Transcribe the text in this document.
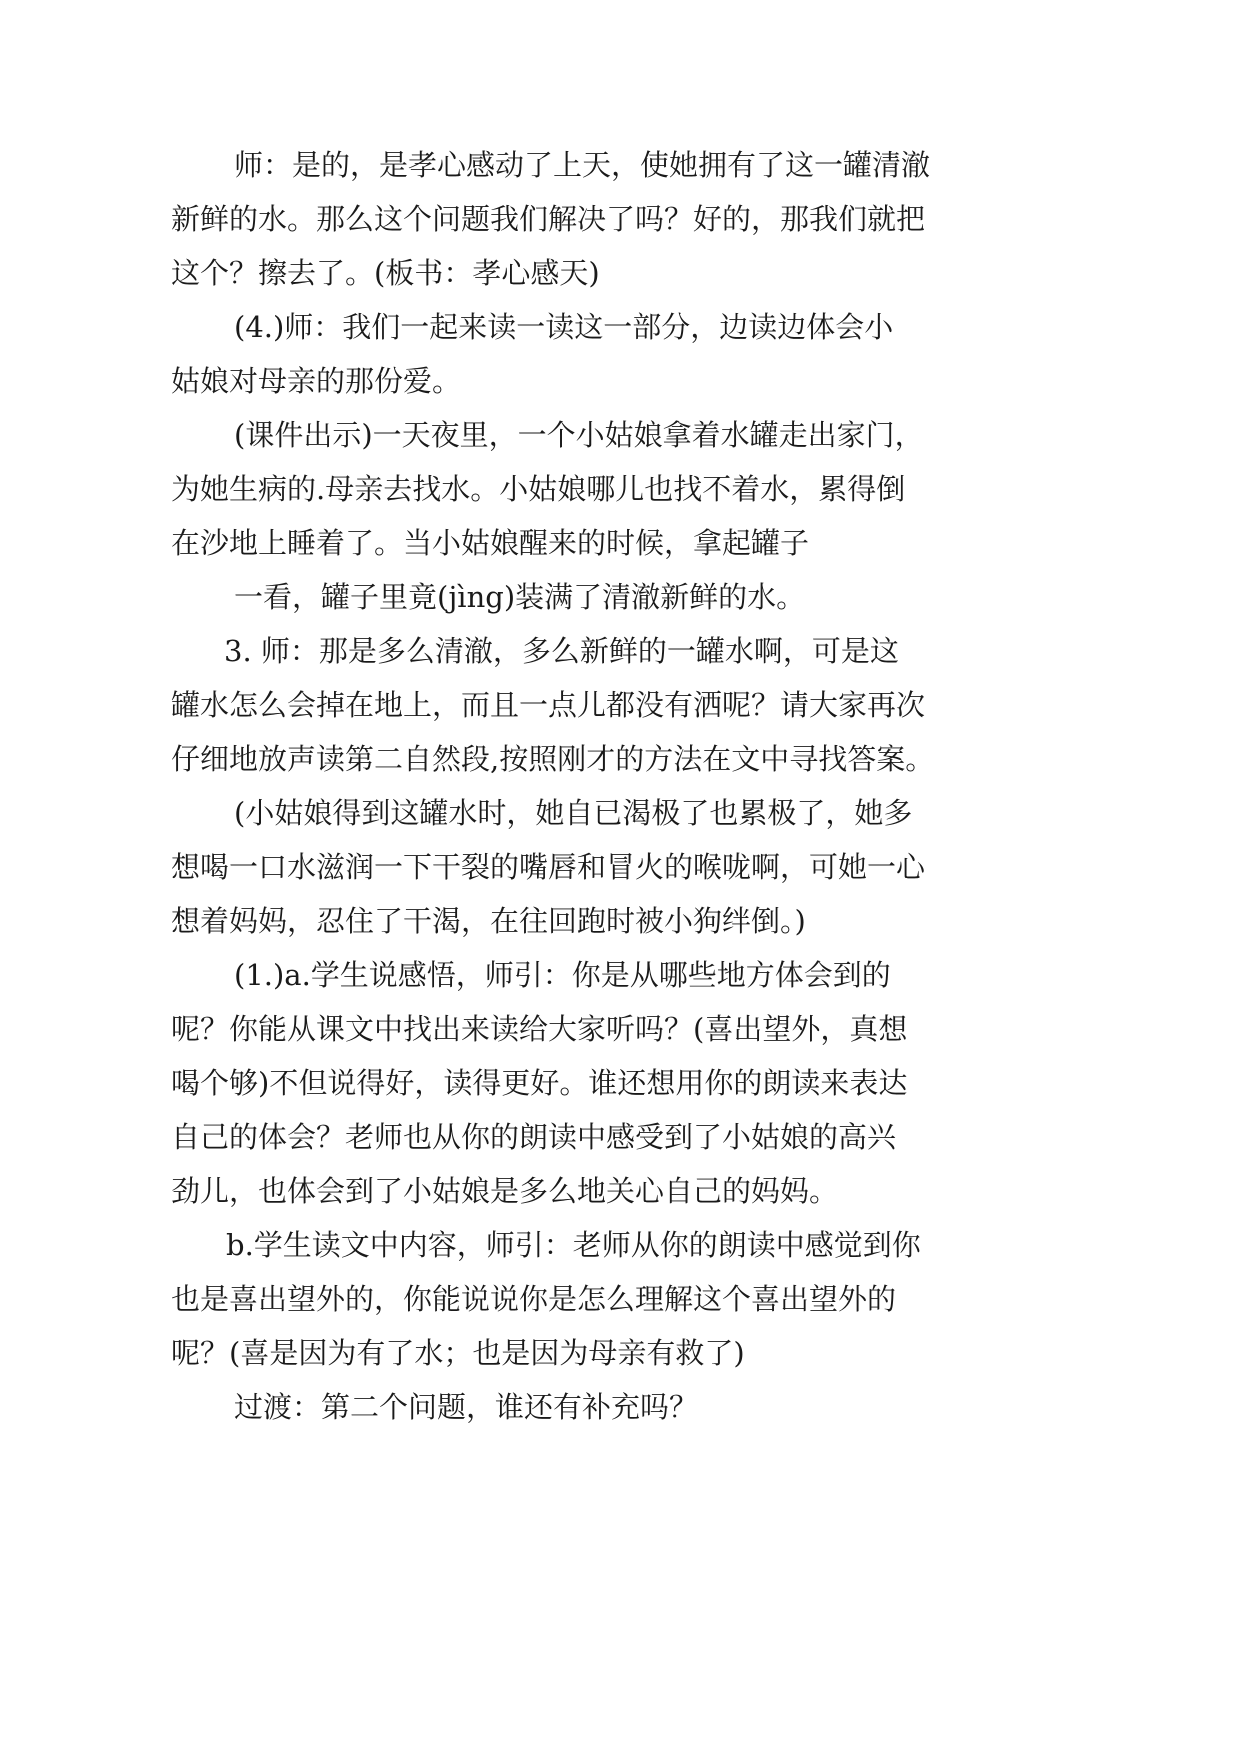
师：是的，是孝心感动了上天，使她拥有了这一罐清澈
新鲜的水。那么这个问题我们解决了吗？好的，那我们就把
这个？擦去了。(板书：孝心感天)
(4.)师：我们一起来读一读这一部分，边读边体会小
姑娘对母亲的那份爱。
(课件出示)一天夜里，一个小姑娘拿着水罐走出家门，
为她生病的.母亲去找水。小姑娘哪儿也找不着水，累得倒
在沙地上睡着了。当小姑娘醒来的时候，拿起罐子
一看，罐子里竟(jìng)装满了清澈新鲜的水。
3. 师：那是多么清澈，多么新鲜的一罐水啊，可是这
罐水怎么会掉在地上，而且一点儿都没有洒呢？请大家再次
仔细地放声读第二自然段,按照刚才的方法在文中寻找答案。
(小姑娘得到这罐水时，她自已渴极了也累极了，她多
想喝一口水滋润一下干裂的嘴唇和冒火的喉咙啊，可她一心
想着妈妈，忍住了干渴，在往回跑时被小狗绊倒。)
(1.)a.学生说感悟，师引：你是从哪些地方体会到的
呢？你能从课文中找出来读给大家听吗？(喜出望外，真想
喝个够)不但说得好，读得更好。谁还想用你的朗读来表达
自己的体会？老师也从你的朗读中感受到了小姑娘的高兴
劲儿，也体会到了小姑娘是多么地关心自己的妈妈。
b.学生读文中内容，师引：老师从你的朗读中感觉到你
也是喜出望外的，你能说说你是怎么理解这个喜出望外的
呢？(喜是因为有了水；也是因为母亲有救了)
过渡：第二个问题，谁还有补充吗？
